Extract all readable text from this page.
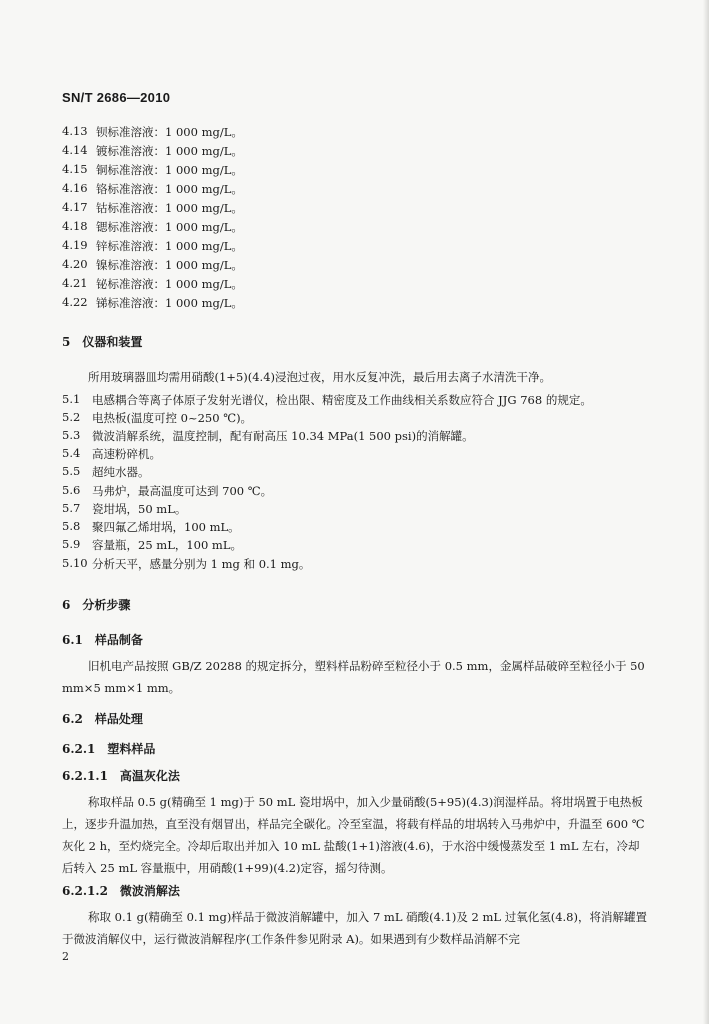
SN/T 2686—2010
4.13 钡标准溶液：1 000 mg/L。
4.14 镀标准溶液：1 000 mg/L。
4.15 铜标准溶液：1 000 mg/L。
4.16 铬标准溶液：1 000 mg/L。
4.17 钴标准溶液：1 000 mg/L。
4.18 锶标准溶液：1 000 mg/L。
4.19 锌标准溶液：1 000 mg/L。
4.20 镍标准溶液：1 000 mg/L。
4.21 铋标准溶液：1 000 mg/L。
4.22 锑标准溶液：1 000 mg/L。
5　仪器和装置
所用玻璃器皿均需用硝酸(1+5)(4.4)浸泡过夜，用水反复冲洗，最后用去离子水清洗干净。
5.1 电感耦合等离子体原子发射光谱仪，检出限、精密度及工作曲线相关系数应符合 JJG 768 的规定。
5.2 电热板(温度可控 0~250 ℃)。
5.3 微波消解系统，温度控制，配有耐高压 10.34 MPa(1 500 psi)的消解罐。
5.4 高速粉碎机。
5.5 超纯水器。
5.6 马弗炉，最高温度可达到 700 ℃。
5.7 瓷坩埚，50 mL。
5.8 聚四氟乙烯坩埚，100 mL。
5.9 容量瓶，25 mL，100 mL。
5.10 分析天平，感量分别为 1 mg 和 0.1 mg。
6　分析步骤
6.1　样品制备
旧机电产品按照 GB/Z 20288 的规定拆分，塑料样品粉碎至粒径小于 0.5 mm，金属样品破碎至粒径小于 50 mm×5 mm×1 mm。
6.2　样品处理
6.2.1　塑料样品
6.2.1.1　高温灰化法
称取样品 0.5 g(精确至 1 mg)于 50 mL 瓷坩埚中，加入少量硝酸(5+95)(4.3)润湿样品。将坩埚置于电热板上，逐步升温加热，直至没有烟冒出，样品完全碳化。冷至室温，将载有样品的坩埚转入马弗炉中，升温至 600 ℃灰化 2 h，至灼烧完全。冷却后取出并加入 10 mL 盐酸(1+1)溶液(4.6)，于水浴中缓慢蒸发至 1 mL 左右，冷却后转入 25 mL 容量瓶中，用硝酸(1+99)(4.2)定容，摇匀待测。
6.2.1.2　微波消解法
称取 0.1 g(精确至 0.1 mg)样品于微波消解罐中，加入 7 mL 硝酸(4.1)及 2 mL 过氧化氢(4.8)，将消解罐置于微波消解仪中，运行微波消解程序(工作条件参见附录 A)。如果遇到有少数样品消解不完
2
